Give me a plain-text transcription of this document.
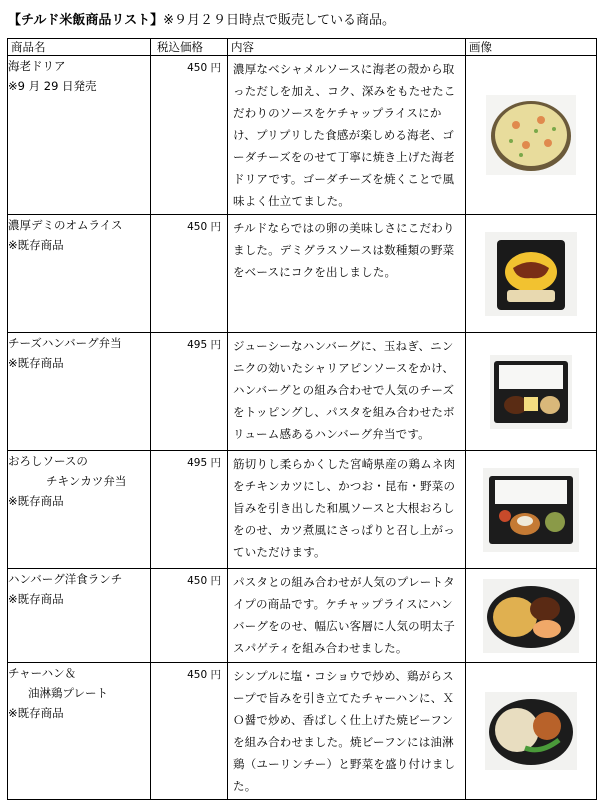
【チルド米飯商品リスト】※９月２９日時点で販売している商品。
商品名	税込価格	内容	画像

海老ドリア
※9 月 29 日発売	450 円	濃厚なベシャメルソースに海老の殻から取っただしを加え、コク、深みをもたせたこだわりのソースをケチャップライスにかけ、プリプリした食感が楽しめる海老、ゴーダチーズをのせて丁寧に焼き上げた海老ドリアです。ゴーダチーズを焼くことで風味よく仕立てました。	

濃厚デミのオムライス
※既存商品	450 円	チルドならではの卵の美味しさにこだわりました。デミグラスソースは数種類の野菜をベースにコクを出しました。	

チーズハンバーグ弁当
※既存商品	495 円	ジューシーなハンバーグに、玉ねぎ、ニンニクの効いたシャリアピンソースをかけ、ハンバーグとの組み合わせで人気のチーズをトッピングし、パスタを組み合わせたボリューム感あるハンバーグ弁当です。	

おろしソースの
チキンカツ弁当
※既存商品	495 円	筋切りし柔らかくした宮崎県産の鶏ムネ肉をチキンカツにし、かつお・昆布・野菜の旨みを引き出した和風ソースと大根おろしをのせ、カツ煮風にさっぱりと召し上がっていただけます。	

ハンバーグ洋食ランチ
※既存商品	450 円	パスタとの組み合わせが人気のプレートタイプの商品です。ケチャップライスにハンバーグをのせ、幅広い客層に人気の明太子スパゲティを組み合わせました。	

チャーハン＆
油淋鶏プレート
※既存商品	450 円	シンプルに塩・コショウで炒め、鶏がらスープで旨みを引き立てたチャーハンに、ＸＯ醤で炒め、香ばしく仕上げた焼ビーフンを組み合わせました。焼ビーフンには油淋鶏（ユーリンチー）と野菜を盛り付けました。	
